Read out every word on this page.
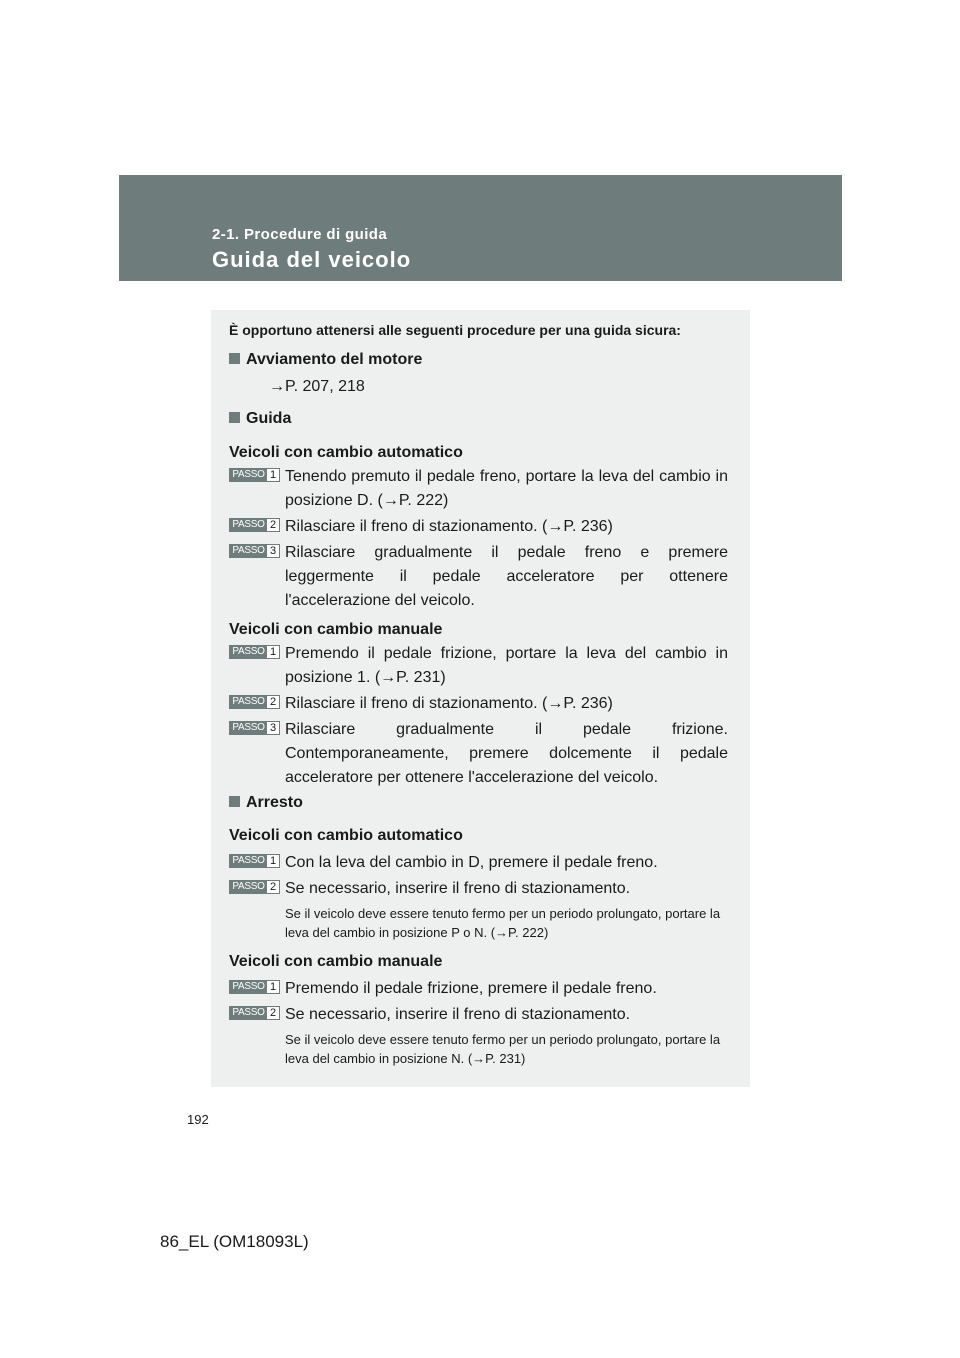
2-1. Procedure di guida
Guida del veicolo
È opportuno attenersi alle seguenti procedure per una guida sicura:
Avviamento del motore
→P. 207, 218
Guida
Veicoli con cambio automatico
PASSO 1 Tenendo premuto il pedale freno, portare la leva del cambio in posizione D. (→P. 222)
PASSO 2 Rilasciare il freno di stazionamento. (→P. 236)
PASSO 3 Rilasciare gradualmente il pedale freno e premere leggermente il pedale acceleratore per ottenere l'accelerazione del veicolo.
Veicoli con cambio manuale
PASSO 1 Premendo il pedale frizione, portare la leva del cambio in posizione 1. (→P. 231)
PASSO 2 Rilasciare il freno di stazionamento. (→P. 236)
PASSO 3 Rilasciare gradualmente il pedale frizione. Contemporaneamente, premere dolcemente il pedale acceleratore per ottenere l'accelerazione del veicolo.
Arresto
Veicoli con cambio automatico
PASSO 1 Con la leva del cambio in D, premere il pedale freno.
PASSO 2 Se necessario, inserire il freno di stazionamento.
Se il veicolo deve essere tenuto fermo per un periodo prolungato, portare la leva del cambio in posizione P o N. (→P. 222)
Veicoli con cambio manuale
PASSO 1 Premendo il pedale frizione, premere il pedale freno.
PASSO 2 Se necessario, inserire il freno di stazionamento.
Se il veicolo deve essere tenuto fermo per un periodo prolungato, portare la leva del cambio in posizione N. (→P. 231)
192
86_EL (OM18093L)
